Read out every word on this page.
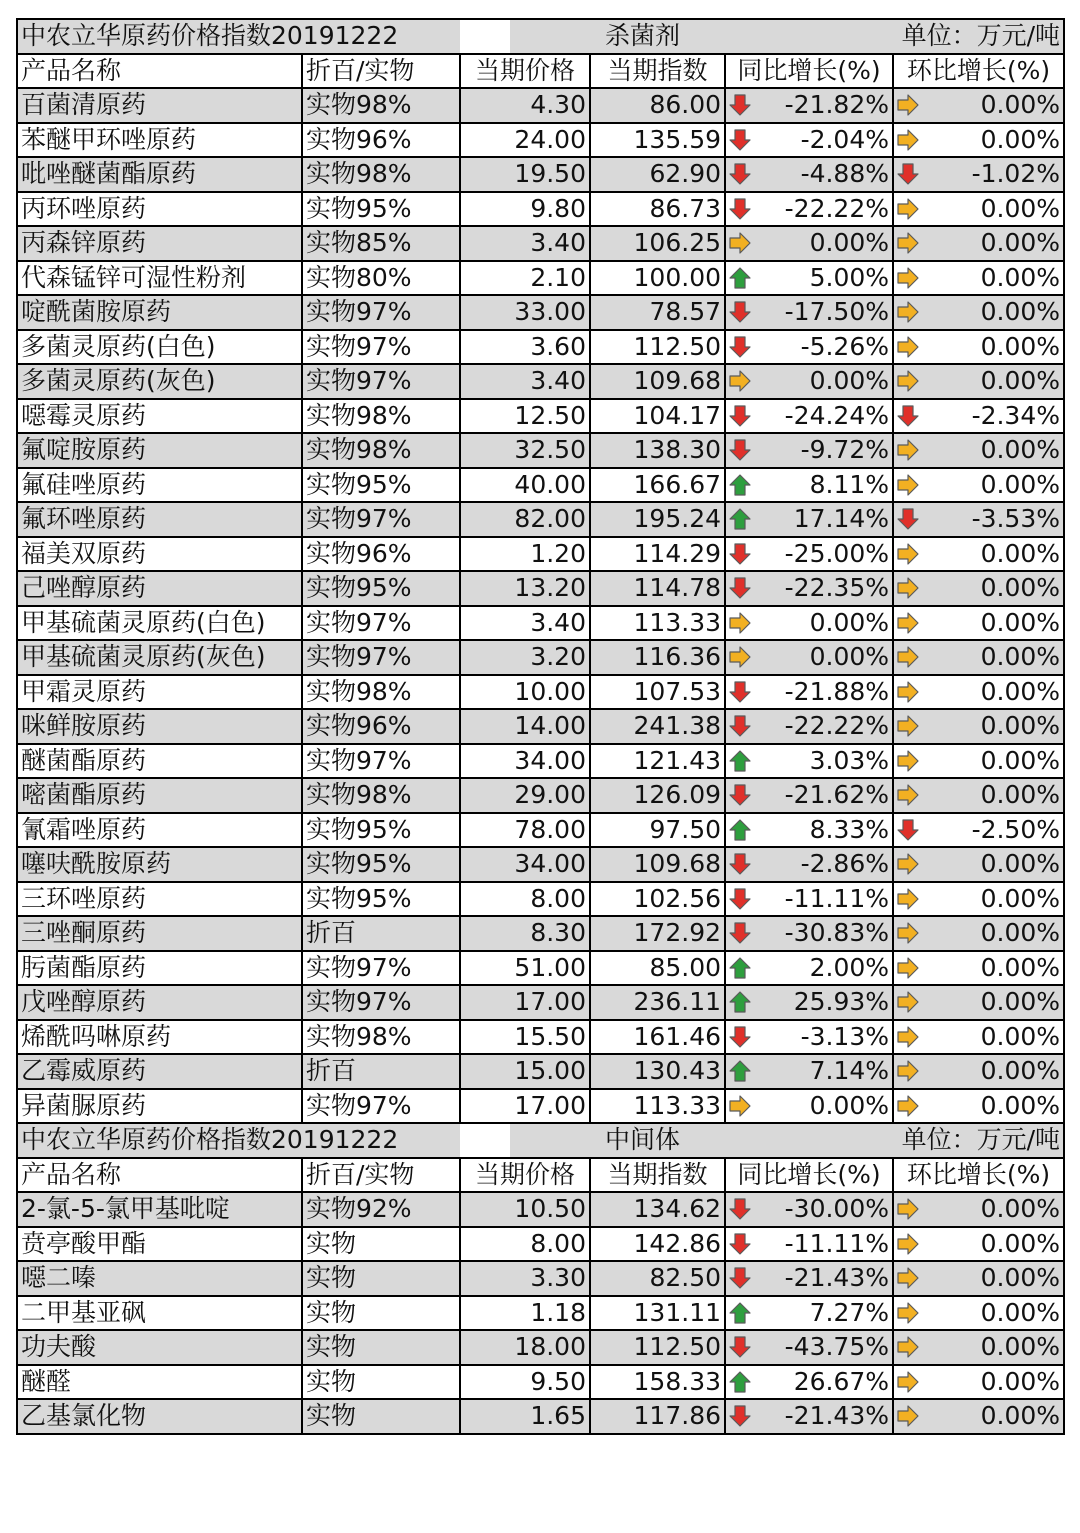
中农立华原药价格指数20191222	杀菌剂	单位：万元/吨
产品名称	折百/实物	当期价格	当期指数	同比增长(%)	环比增长(%)
百菌清原药	实物98%	4.30	86.00	-21.82%	0.00%
苯醚甲环唑原药	实物96%	24.00	135.59	-2.04%	0.00%
吡唑醚菌酯原药	实物98%	19.50	62.90	-4.88%	-1.02%
丙环唑原药	实物95%	9.80	86.73	-22.22%	0.00%
丙森锌原药	实物85%	3.40	106.25	0.00%	0.00%
代森锰锌可湿性粉剂	实物80%	2.10	100.00	5.00%	0.00%
啶酰菌胺原药	实物97%	33.00	78.57	-17.50%	0.00%
多菌灵原药(白色)	实物97%	3.60	112.50	-5.26%	0.00%
多菌灵原药(灰色)	实物97%	3.40	109.68	0.00%	0.00%
噁霉灵原药	实物98%	12.50	104.17	-24.24%	-2.34%
氟啶胺原药	实物98%	32.50	138.30	-9.72%	0.00%
氟硅唑原药	实物95%	40.00	166.67	8.11%	0.00%
氟环唑原药	实物97%	82.00	195.24	17.14%	-3.53%
福美双原药	实物96%	1.20	114.29	-25.00%	0.00%
己唑醇原药	实物95%	13.20	114.78	-22.35%	0.00%
甲基硫菌灵原药(白色)	实物97%	3.40	113.33	0.00%	0.00%
甲基硫菌灵原药(灰色)	实物97%	3.20	116.36	0.00%	0.00%
甲霜灵原药	实物98%	10.00	107.53	-21.88%	0.00%
咪鲜胺原药	实物96%	14.00	241.38	-22.22%	0.00%
醚菌酯原药	实物97%	34.00	121.43	3.03%	0.00%
嘧菌酯原药	实物98%	29.00	126.09	-21.62%	0.00%
氰霜唑原药	实物95%	78.00	97.50	8.33%	-2.50%
噻呋酰胺原药	实物95%	34.00	109.68	-2.86%	0.00%
三环唑原药	实物95%	8.00	102.56	-11.11%	0.00%
三唑酮原药	折百	8.30	172.92	-30.83%	0.00%
肟菌酯原药	实物97%	51.00	85.00	2.00%	0.00%
戊唑醇原药	实物97%	17.00	236.11	25.93%	0.00%
烯酰吗啉原药	实物98%	15.50	161.46	-3.13%	0.00%
乙霉威原药	折百	15.00	130.43	7.14%	0.00%
异菌脲原药	实物97%	17.00	113.33	0.00%	0.00%
中农立华原药价格指数20191222	中间体	单位：万元/吨
产品名称	折百/实物	当期价格	当期指数	同比增长(%)	环比增长(%)
2-氯-5-氯甲基吡啶	实物92%	10.50	134.62	-30.00%	0.00%
贲亭酸甲酯	实物	8.00	142.86	-11.11%	0.00%
噁二嗪	实物	3.30	82.50	-21.43%	0.00%
二甲基亚砜	实物	1.18	131.11	7.27%	0.00%
功夫酸	实物	18.00	112.50	-43.75%	0.00%
醚醛	实物	9.50	158.33	26.67%	0.00%
乙基氯化物	实物	1.65	117.86	-21.43%	0.00%
